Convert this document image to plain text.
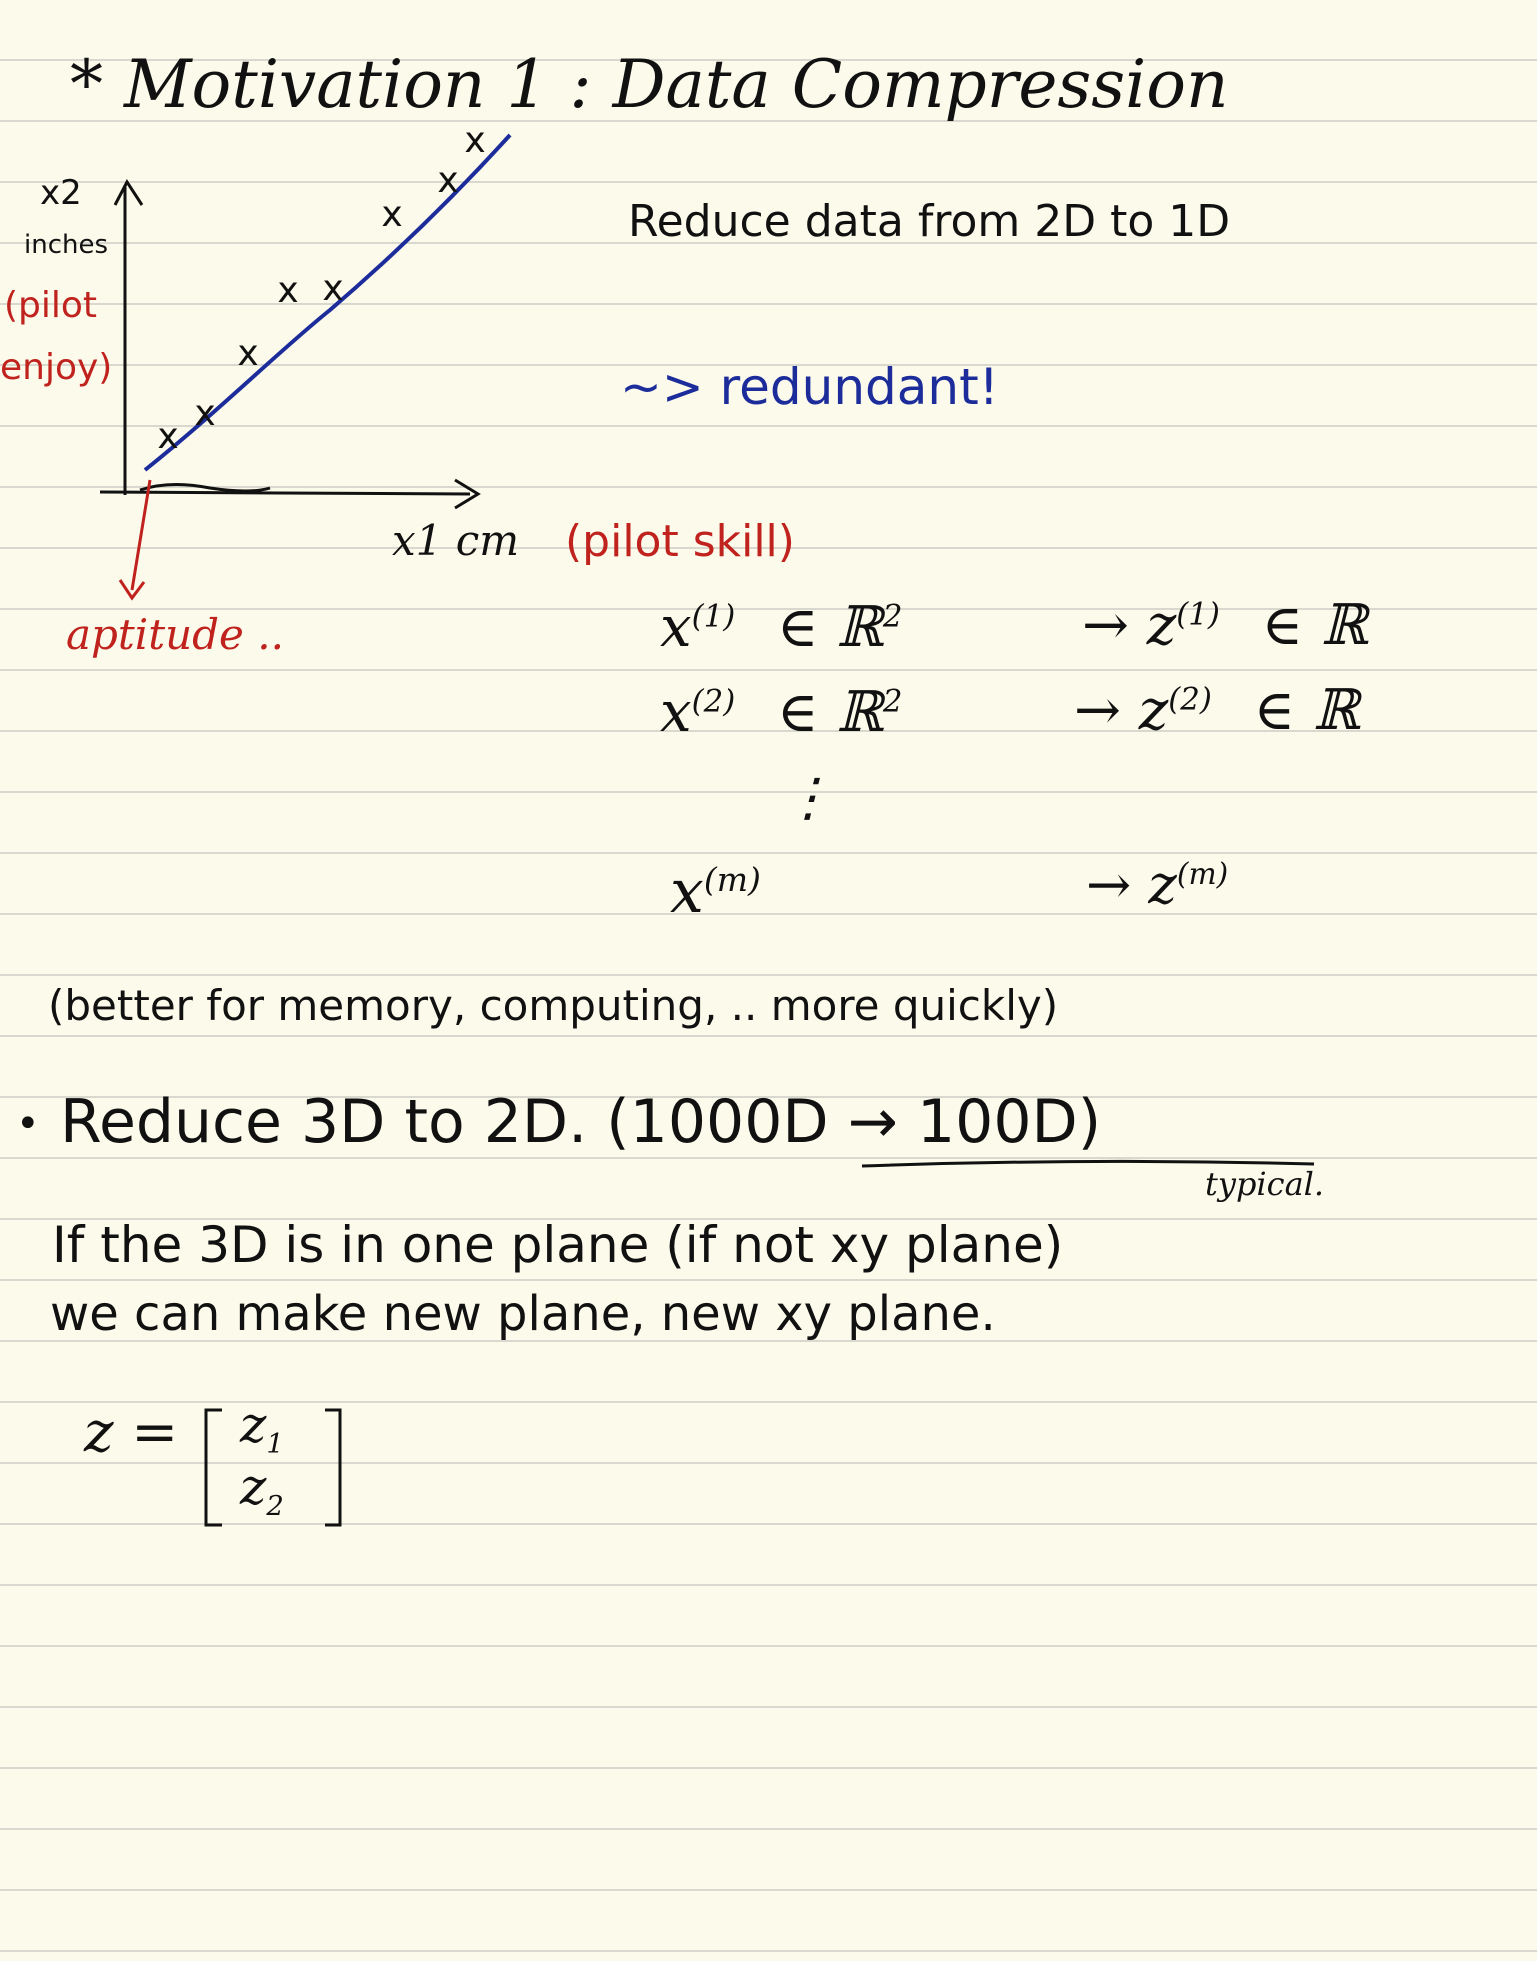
* Motivation 1 : Data Compression
x
x
x
x x
x
x
x
x2
inches
(pilot
enjoy)
x1 cm (pilot skill)
aptitude ..
Reduce data from 2D to 1D
~> redundant!
$x^{(1)}$ ∈ ℝ$^2$	→ $z^{(1)}$ ∈ ℝ
$x^{(2)}$ ∈ ℝ$^2$	→ $z^{(2)}$ ∈ ℝ
⋮
$x^{(m)}$	→ $z^{(m)}$
(better for memory, computing, .. more quickly)
• Reduce 3D to 2D. (1000D → 100D)
typical.
If the 3D is in one plane (if not xy plane)
we can make new plane, new xy plane.
$z = z_1$
$z_2$
